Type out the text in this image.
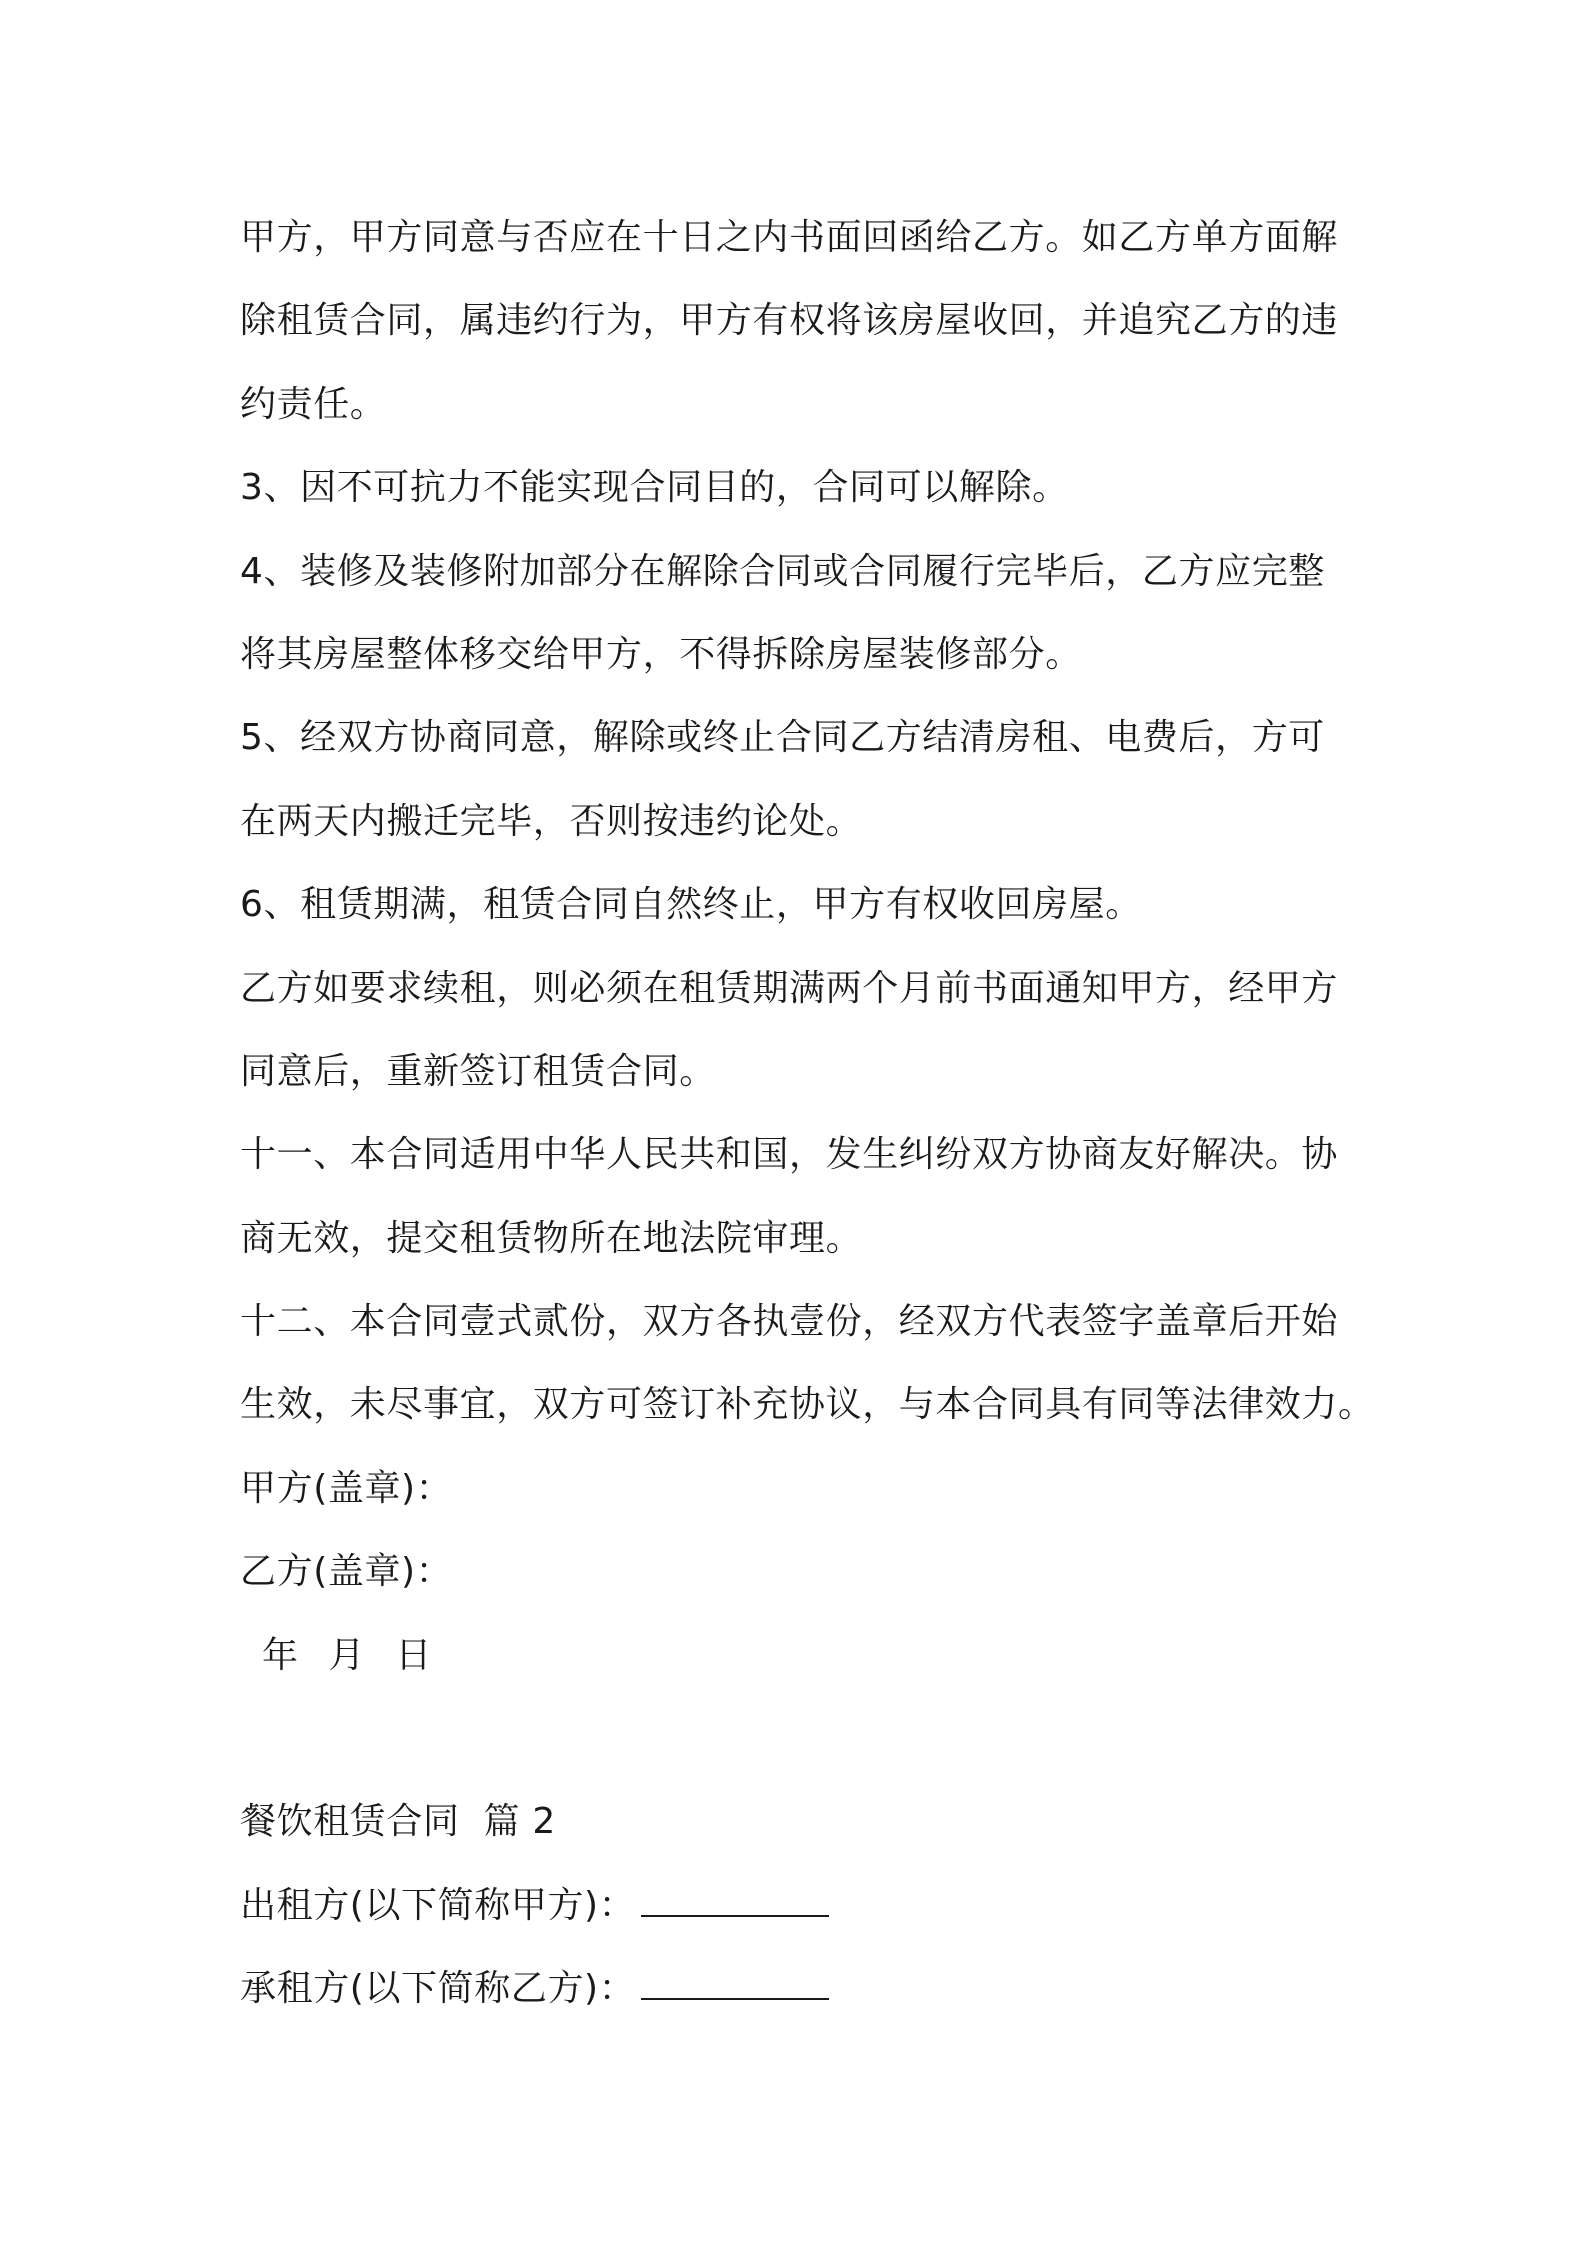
甲方，甲方同意与否应在十日之内书面回函给乙方。如乙方单方面解
除租赁合同，属违约行为，甲方有权将该房屋收回，并追究乙方的违
约责任。
3、因不可抗力不能实现合同目的，合同可以解除。
4、装修及装修附加部分在解除合同或合同履行完毕后，乙方应完整
将其房屋整体移交给甲方，不得拆除房屋装修部分。
5、经双方协商同意，解除或终止合同乙方结清房租、电费后，方可
在两天内搬迁完毕，否则按违约论处。
6、租赁期满，租赁合同自然终止，甲方有权收回房屋。
乙方如要求续租，则必须在租赁期满两个月前书面通知甲方，经甲方
同意后，重新签订租赁合同。
十一、本合同适用中华人民共和国，发生纠纷双方协商友好解决。协
商无效，提交租赁物所在地法院审理。
十二、本合同壹式贰份，双方各执壹份，经双方代表签字盖章后开始
生效，未尽事宜，双方可签订补充协议，与本合同具有同等法律效力。
甲方(盖章)：
乙方(盖章)：
年 月 日
餐饮租赁合同  篇 2
出租方(以下简称甲方)：
承租方(以下简称乙方)：
